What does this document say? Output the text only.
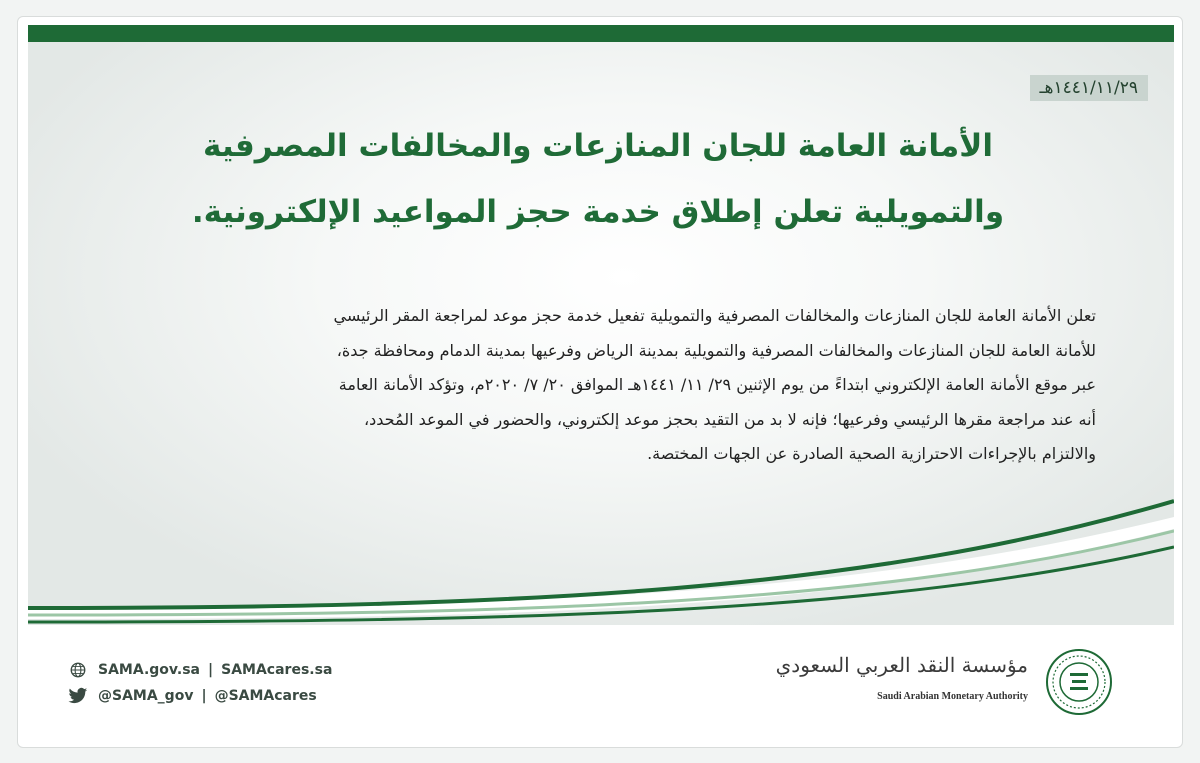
١٤٤١/١١/٢٩هـ
الأمانة العامة للجان المنازعات والمخالفات المصرفية
والتمويلية تعلن إطلاق خدمة حجز المواعيد الإلكترونية.
تعلن الأمانة العامة للجان المنازعات والمخالفات المصرفية والتمويلية تفعيل خدمة حجز موعد لمراجعة المقر الرئيسي
للأمانة العامة للجان المنازعات والمخالفات المصرفية والتمويلية بمدينة الرياض وفرعيها بمدينة الدمام ومحافظة جدة،
عبر موقع الأمانة العامة الإلكتروني ابتداءً من يوم الإثنين ٢٩/ ١١/ ١٤٤١هـ الموافق ٢٠/ ٧/ ٢٠٢٠م، وتؤكد الأمانة العامة
أنه عند مراجعة مقرها الرئيسي وفرعيها؛ فإنه لا بد من التقيد بحجز موعد إلكتروني، والحضور في الموعد المُحدد،
والالتزام بالإجراءات الاحترازية الصحية الصادرة عن الجهات المختصة.
SAMA.gov.sa | SAMAcares.sa
@SAMA_gov | @SAMAcares
مؤسسة النقد العربي السعودي
Saudi Arabian Monetary Authority
